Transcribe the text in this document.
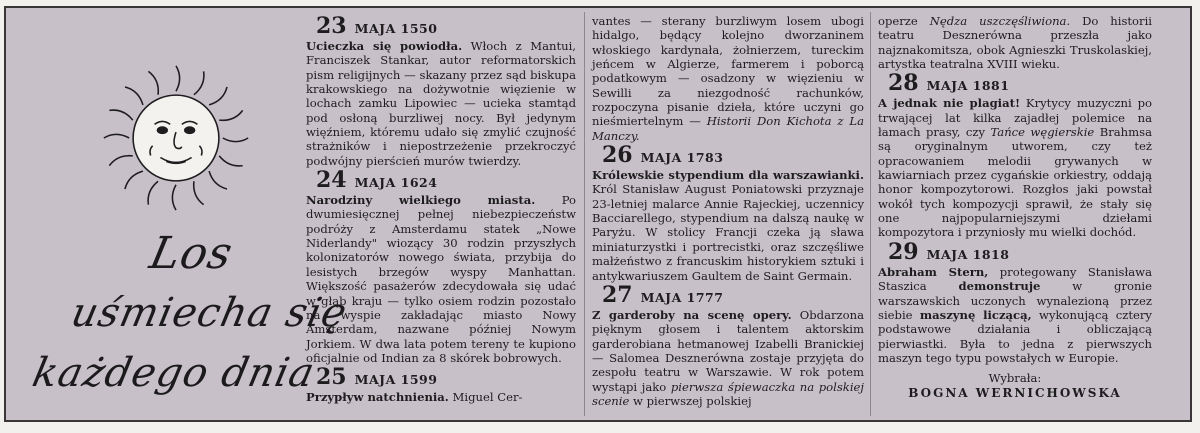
Los
uśmiecha się
każdego dnia
23 MAJA 1550

Ucieczka się powiodła. Włoch z Mantui, Franciszek Stankar, autor reformatorskich pism religijnych — skazany przez sąd biskupa krakowskiego na dożywotnie więzienie w lochach zamku Lipowiec — ucieka stamtąd pod osłoną burzliwej nocy. Był jedynym więźniem, któremu udało się zmylić czujność strażników i niepostrzeżenie przekroczyć podwójny pierścień murów twierdzy.

24 MAJA 1624

Narodziny wielkiego miasta. Po dwumiesięcznej pełnej niebezpieczeństw podróży z Amsterdamu statek „Nowe Niderlandy" wiozący 30 rodzin przyszłych kolonizatorów nowego świata, przybija do lesistych brzegów wyspy Manhattan. Większość pasażerów zdecydowała się udać w głąb kraju — tylko osiem rodzin pozostało na wyspie zakładając miasto Nowy Amsterdam, nazwane później Nowym Jorkiem. W dwa lata potem tereny te kupiono oficjalnie od Indian za 8 skórek bobrowych.

25 MAJA 1599

Przypływ natchnienia. Miguel Cer-

vantes — sterany burzliwym losem ubogi hidalgo, będący kolejno dworzaninem włoskiego kardynała, żołnierzem, tureckim jeńcem w Algierze, farmerem i poborcą podatkowym — osadzony w więzieniu w Sewilli za niezgodność rachunków, rozpoczyna pisanie dzieła, które uczyni go nieśmiertelnym — Historii Don Kichota z La Manczy.

26 MAJA 1783

Królewskie stypendium dla warszawianki. Król Stanisław August Poniatowski przyznaje 23-letniej malarce Annie Rajeckiej, uczennicy Bacciarellego, stypendium na dalszą naukę w Paryżu. W stolicy Francji czeka ją sława miniaturzystki i portrecistki, oraz szczęśliwe małżeństwo z francuskim historykiem sztuki i antykwariuszem Gaultem de Saint Germain.

27 MAJA 1777

Z garderoby na scenę opery. Obdarzona pięknym głosem i talentem aktorskim garderobiana hetmanowej Izabelli Branickiej — Salomea Desznerówna zostaje przyjęta do zespołu teatru w Warszawie. W rok potem wystąpi jako pierwsza śpiewaczka na polskiej scenie w pierwszej polskiej

operze Nędza uszczęśliwiona. Do historii teatru Desznerówna przeszła jako najznakomitsza, obok Agnieszki Truskolaskiej, artystka teatralna XVIII wieku.

28 MAJA 1881

A jednak nie plagiat! Krytycy muzyczni po trwającej lat kilka zajadłej polemice na łamach prasy, czy Tańce węgierskie Brahmsa są oryginalnym utworem, czy też opracowaniem melodii grywanych w kawiarniach przez cygańskie orkiestry, oddają honor kompozytorowi. Rozgłos jaki powstał wokół tych kompozycji sprawił, że stały się one najpopularniejszymi dziełami kompozytora i przyniosły mu wielki dochód.

29 MAJA 1818

Abraham Stern, protegowany Stanisława Staszica demonstruje w gronie warszawskich uczonych wynalezioną przez siebie maszynę liczącą, wykonującą cztery podstawowe działania i obliczającą pierwiastki. Była to jedna z pierwszych maszyn tego typu powstałych w Europie.

Wybrała:
BOGNA WERNICHOWSKA
